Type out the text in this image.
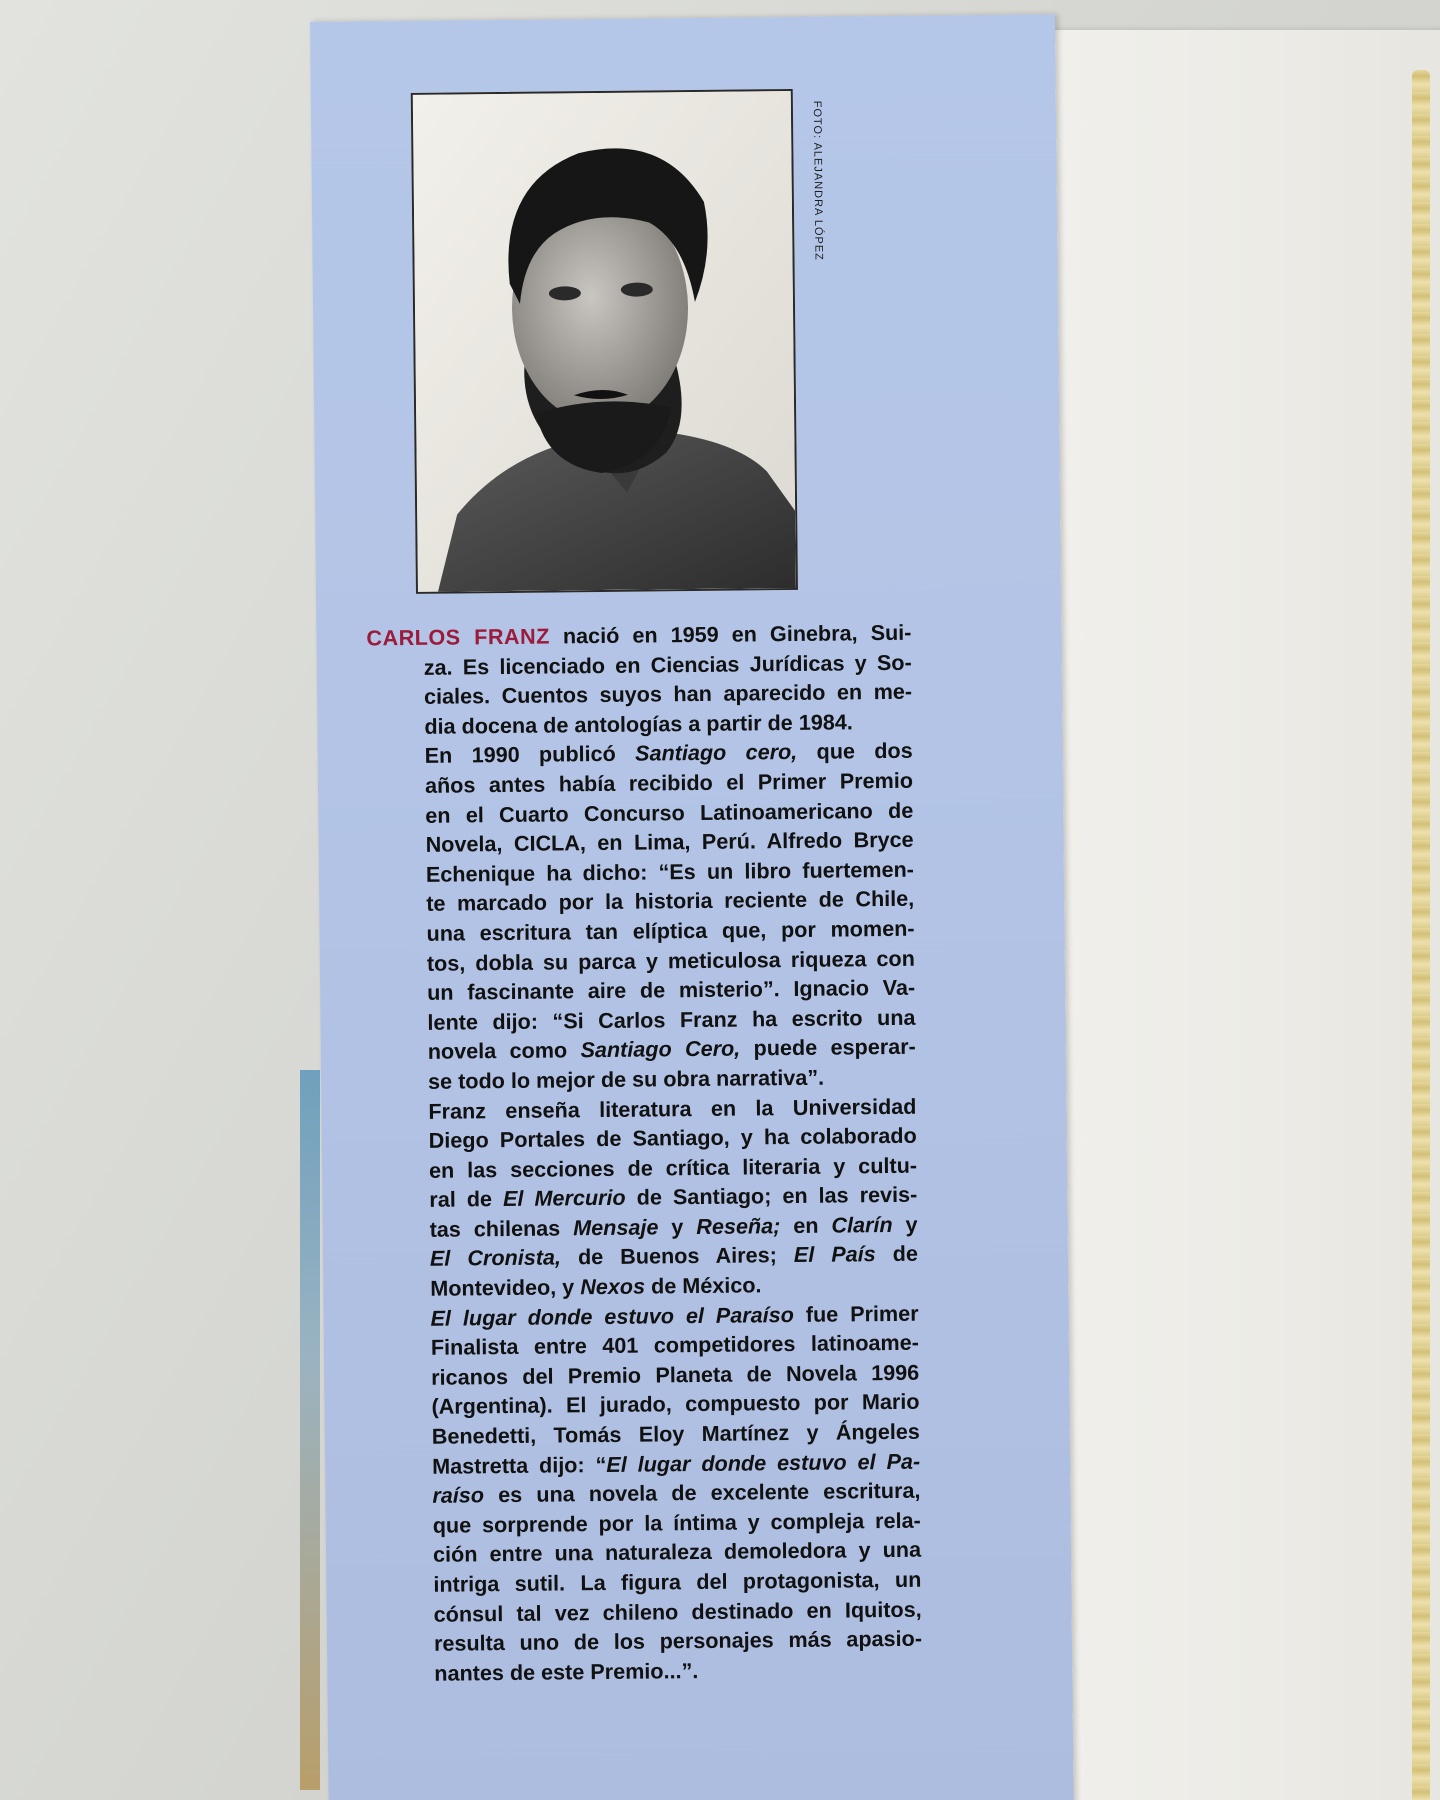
FOTO: ALEJANDRA LÓPEZ
CARLOS FRANZ nació en 1959 en Ginebra, Sui-
za. Es licenciado en Ciencias Jurídicas y So-
ciales. Cuentos suyos han aparecido en me-
dia docena de antologías a partir de 1984.
En 1990 publicó Santiago cero, que dos
años antes había recibido el Primer Premio
en el Cuarto Concurso Latinoamericano de
Novela, CICLA, en Lima, Perú. Alfredo Bryce
Echenique ha dicho: “Es un libro fuertemen-
te marcado por la historia reciente de Chile,
una escritura tan elíptica que, por momen-
tos, dobla su parca y meticulosa riqueza con
un fascinante aire de misterio”. Ignacio Va-
lente dijo: “Si Carlos Franz ha escrito una
novela como Santiago Cero, puede esperar-
se todo lo mejor de su obra narrativa”.
Franz enseña literatura en la Universidad
Diego Portales de Santiago, y ha colaborado
en las secciones de crítica literaria y cultu-
ral de El Mercurio de Santiago; en las revis-
tas chilenas Mensaje y Reseña; en Clarín y
El Cronista, de Buenos Aires; El País de
Montevideo, y Nexos de México.
El lugar donde estuvo el Paraíso fue Primer
Finalista entre 401 competidores latinoame-
ricanos del Premio Planeta de Novela 1996
(Argentina). El jurado, compuesto por Mario
Benedetti, Tomás Eloy Martínez y Ángeles
Mastretta dijo: “El lugar donde estuvo el Pa-
raíso es una novela de excelente escritura,
que sorprende por la íntima y compleja rela-
ción entre una naturaleza demoledora y una
intriga sutil. La figura del protagonista, un
cónsul tal vez chileno destinado en Iquitos,
resulta uno de los personajes más apasio-
nantes de este Premio...”.
